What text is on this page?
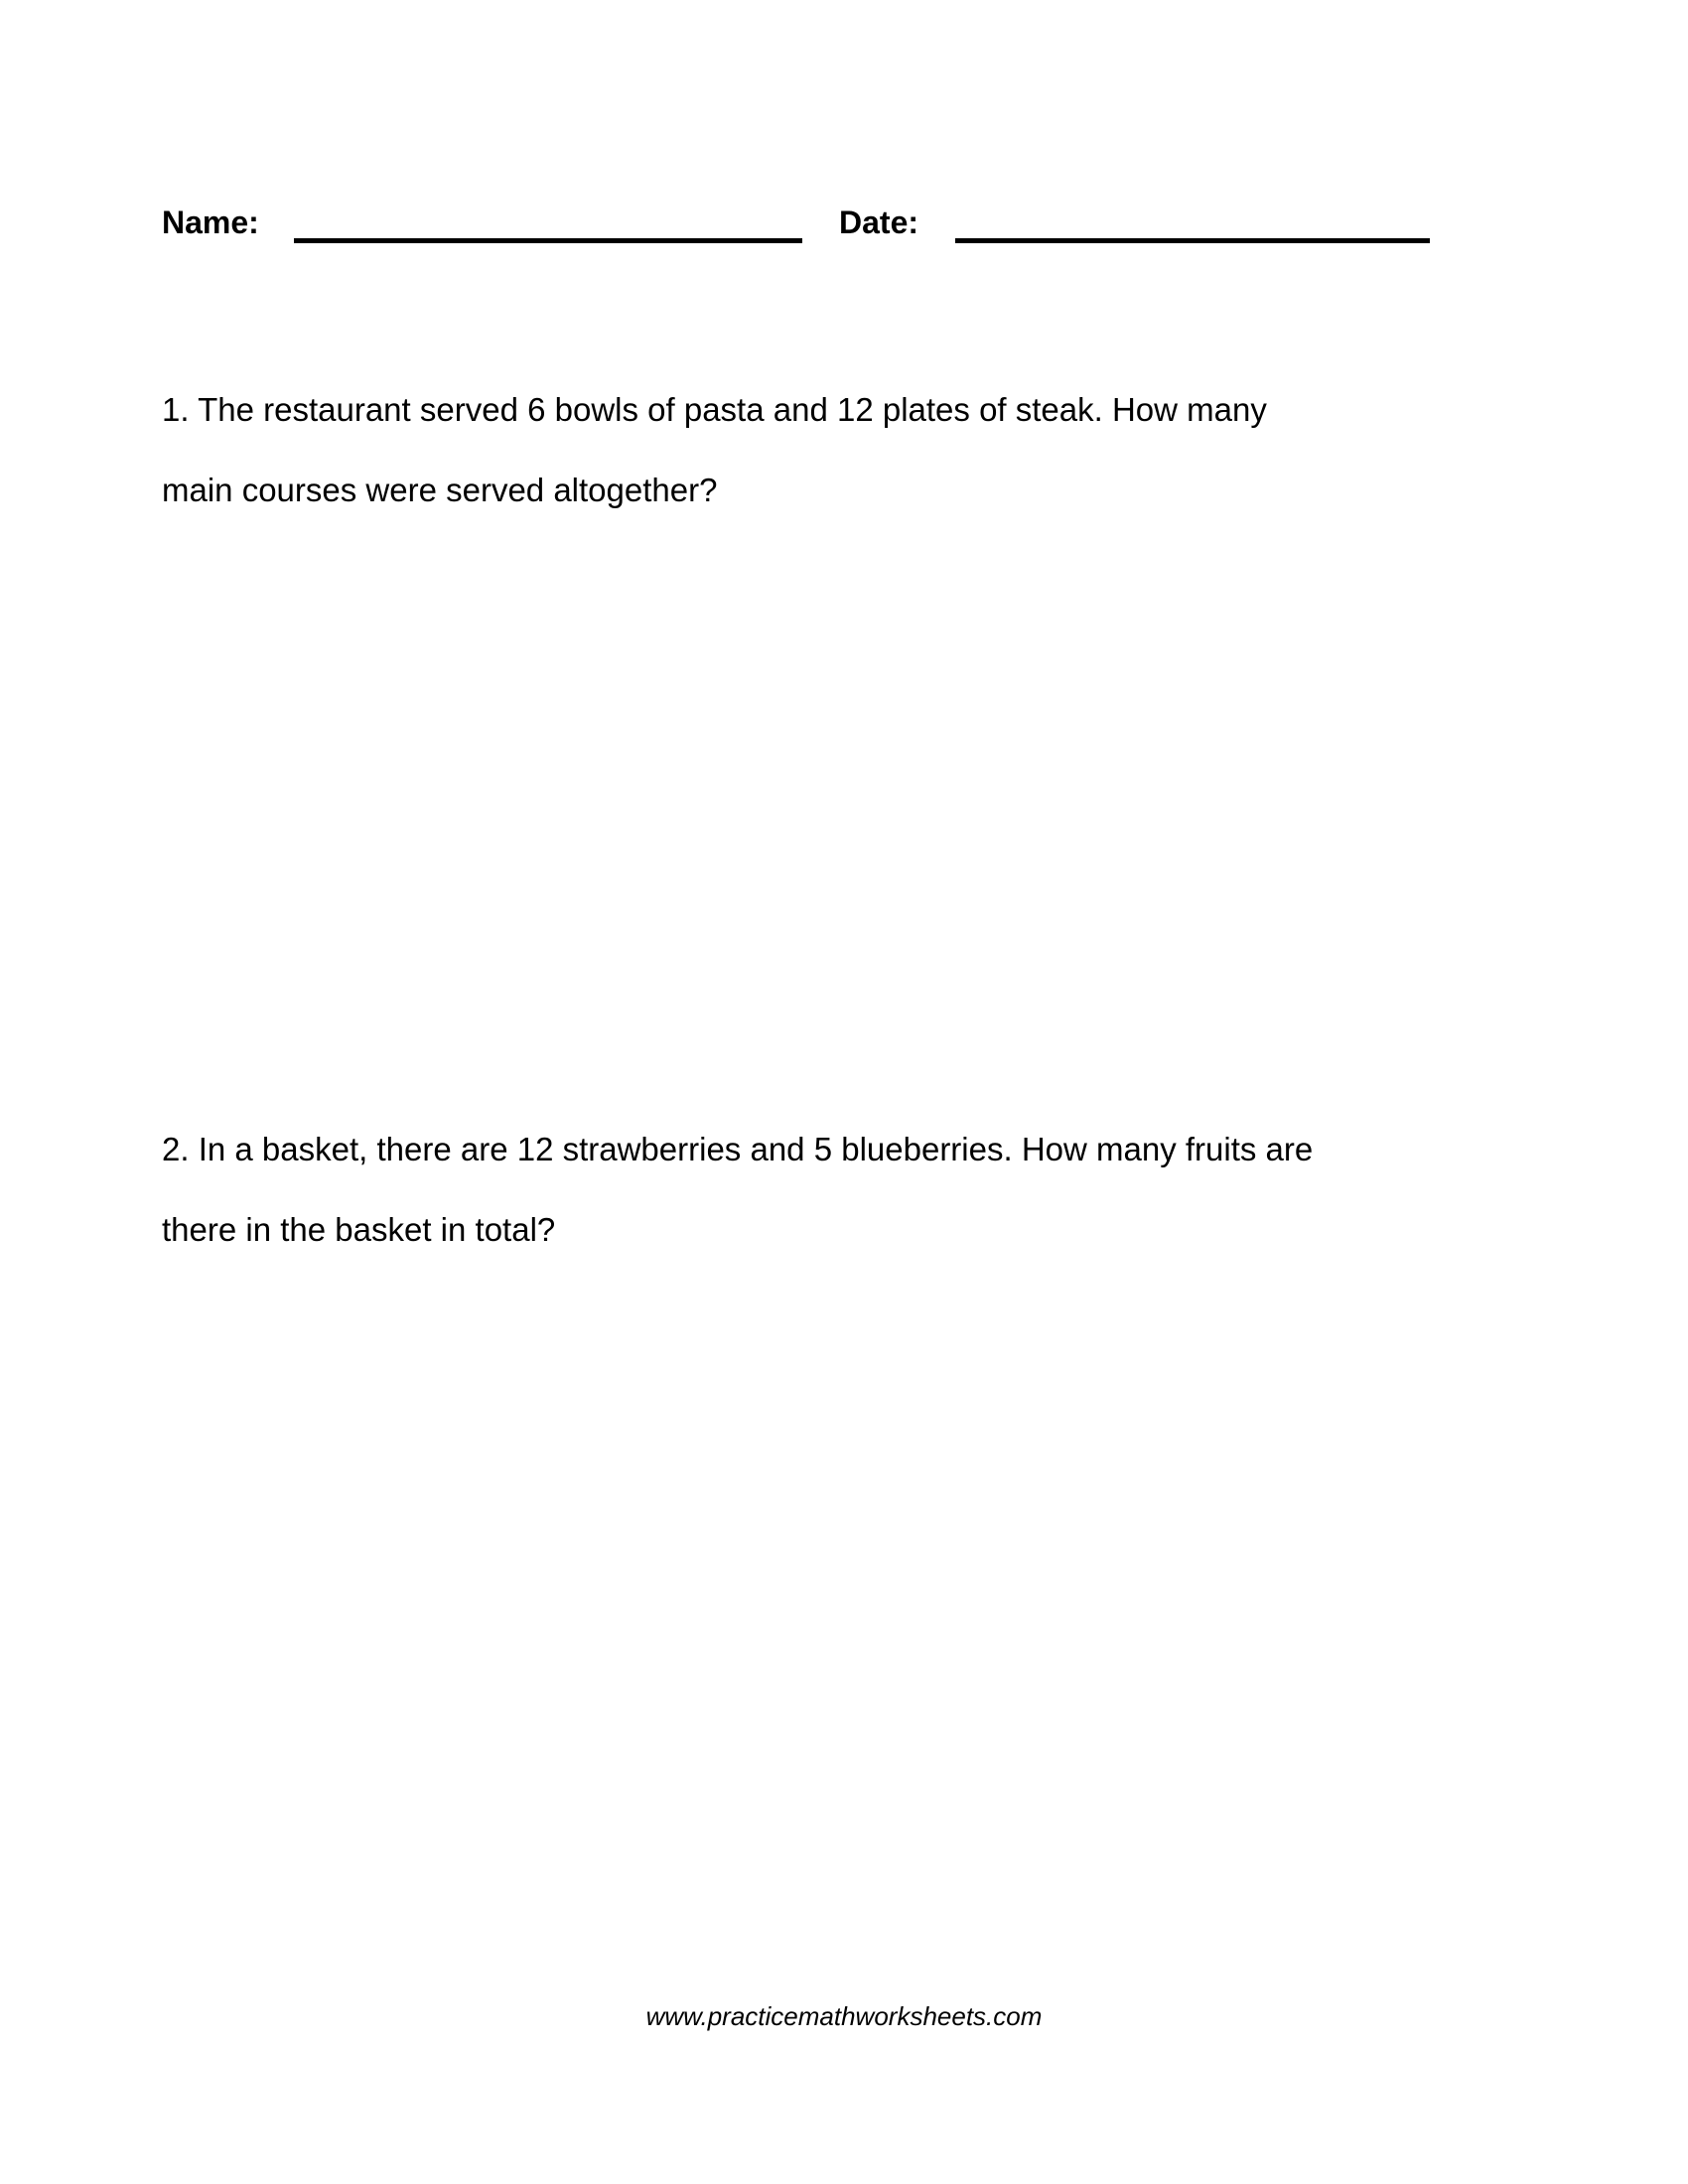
Name:	Date:
1. The restaurant served 6 bowls of pasta and 12 plates of steak. How many
main courses were served altogether?
2. In a basket, there are 12 strawberries and 5 blueberries. How many fruits are
there in the basket in total?
www.practicemathworksheets.com
